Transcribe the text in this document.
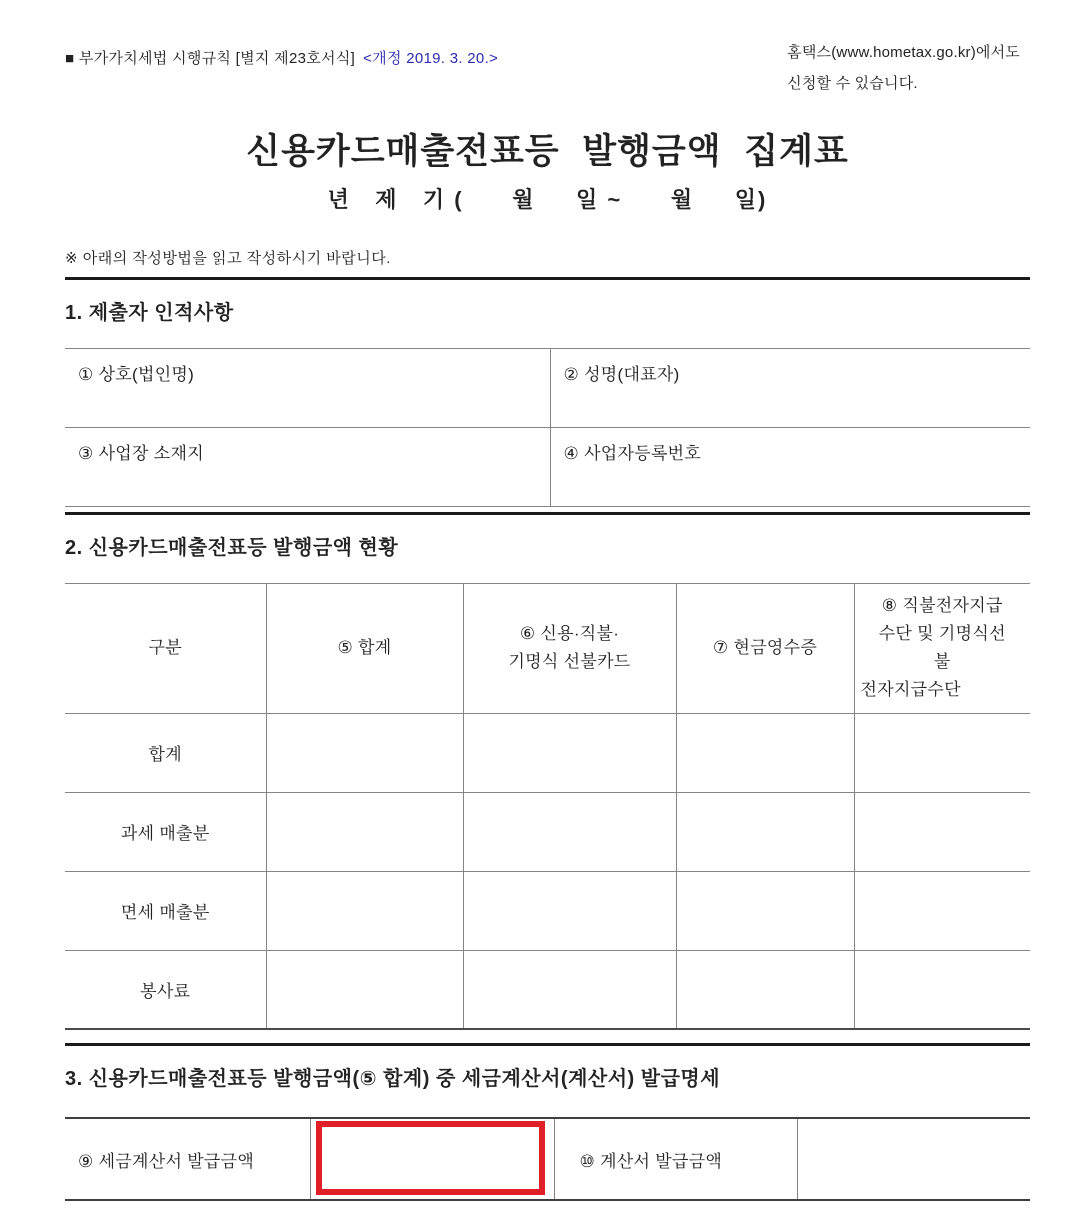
■ 부가가치세법 시행규칙 [별지 제23호서식] <개정 2019. 3. 20.>	홈택스(www.hometax.go.kr)에서도
신청할 수 있습니다.
신용카드매출전표등 발행금액 집계표
년   제   기 (      월     일 ~      월     일)
※ 아래의 작성방법을 읽고 작성하시기 바랍니다.
1. 제출자 인적사항
① 상호(법인명)	② 성명(대표자)
③ 사업장 소재지	④ 사업자등록번호
2. 신용카드매출전표등 발행금액 현황
구분	⑤ 합계	⑥ 신용·직불·
기명식 선불카드	⑦ 현금영수증	⑧ 직불전자지급
수단 및 기명식선
불
전자지급수단

합계				
과세 매출분				
면세 매출분				
봉사료				
3. 신용카드매출전표등 발행금액(⑤ 합계) 중 세금계산서(계산서) 발급명세
⑨ 세금계산서 발급금액		⑩ 계산서 발급금액	
